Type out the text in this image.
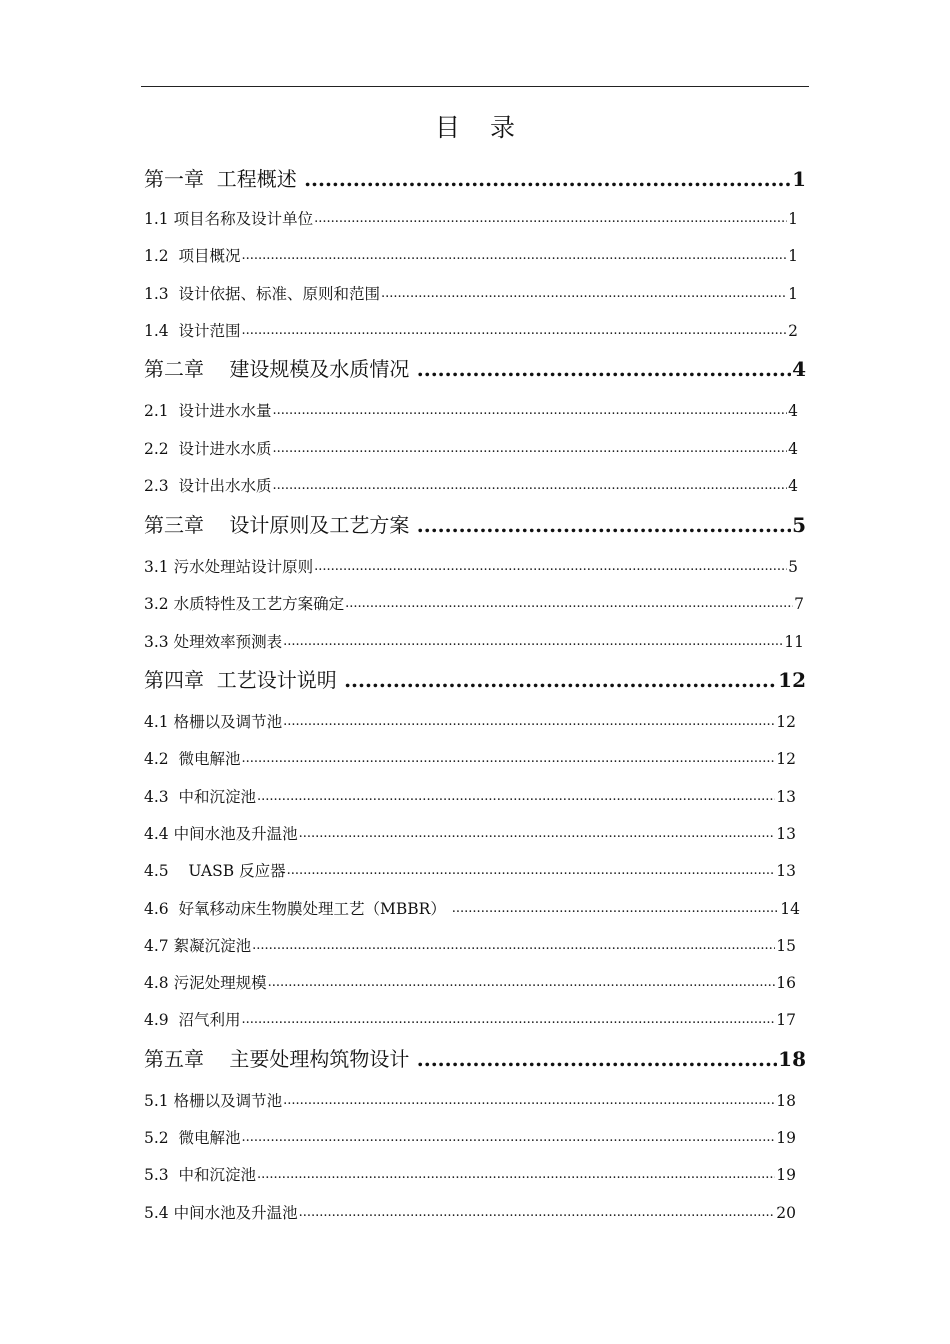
目 录
第一章  工程概述 .....	1
1.1 项目名称及设计单位 .....	1
1.2  项目概况 .....	1
1.3  设计依据、标准、原则和范围 .....	1
1.4  设计范围 .....	2
第二章    建设规模及水质情况 .....	4
2.1  设计进水水量 .....	4
2.2  设计进水水质 .....	4
2.3  设计出水水质 .....	4
第三章    设计原则及工艺方案 .....	5
3.1 污水处理站设计原则 .....	5
3.2 水质特性及工艺方案确定 .....	7
3.3 处理效率预测表 .....	11
第四章  工艺设计说明 .....	12
4.1 格栅以及调节池 .....	12
4.2  微电解池 .....	12
4.3  中和沉淀池 .....	13
4.4 中间水池及升温池 .....	13
4.5    UASB 反应器 .....	13
4.6  好氧移动床生物膜处理工艺（MBBR） .....	14
4.7 絮凝沉淀池 .....	15
4.8 污泥处理规模 .....	16
4.9  沼气利用 .....	17
第五章    主要处理构筑物设计 .....	18
5.1 格栅以及调节池 .....	18
5.2  微电解池 .....	19
5.3  中和沉淀池 .....	19
5.4 中间水池及升温池 .....	20
